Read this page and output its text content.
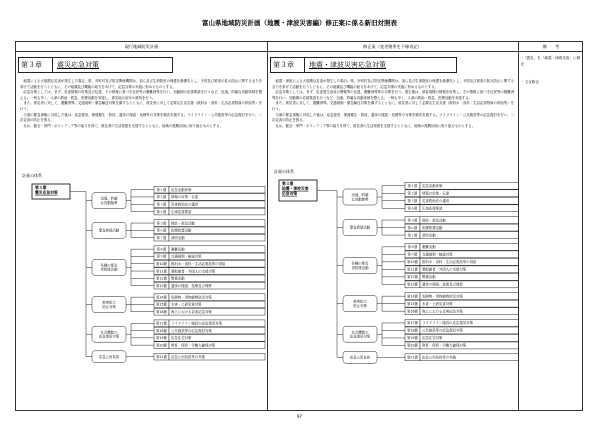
富山県地域防災計画（地震・津波災害編）修正案に係る新旧対照表
現行地域防災計画	修正案（変更箇所を下線表記）	備　　考
第３章 震災応急対策
　地震による大規模な災害が発生した場合、県、市町村及び防災関係機関は、須ら及び生命財産の保護を最優先とし、予防及び被害の拡大防止に関する全力を挙げて活動を行うとともに、その組織及び機能の総力をあげて、応急対策の実施に努めるものとする。
　応急対策としては、まず、災害情報の収集及び伝達、その情報に基づき住民等の避難誘導を行い、初動期の応援要請を行うなど、迅速、的確な初動体制を整える。一刻も早く、人命の救助・救急、医療活動を実施し、被災地の治安の維持を行う。
　また、被災者に対して、避難誘導、交通規制・緊急輸送対策を講ずるとともに、被災者に対して必要な生活支援（飲料水・食料・生活必需物資の供給等）を行う。
　当面の緊急事態に対処した後は、応急復旧、保健衛生・防疫、遺体の捜索・処理等の対策を順次実施する。ライフライン・公共施設等の応急復旧を行い、二次災害の防止を図る。
　なお、健全・専門・ボランティア等の協力を得て、被災者の生活再建を支援するとともに、地域の復興計画に取り組むものとする。
計画の体系
迅速、的確
な初動態勢
第１節 応急活動体制
第２節 情報の収集・伝達
第３節 災害救助法の適用
第４節 広域応援要請
緊急救援活動
第５節 救助・救急活動
第６節 医療救護活動
第７節 消防活動
各種の要災
者救援活動
第８節 避難活動
第９節 交通規制・輸送対策
第10節 飲料水・食料・生活必需品等の供給
第11節 要配慮者・外国人の支援対策
第12節 警備活動
第13節 遺体の捜索、処理及び埋葬
被害拡大
防止対策
第14節 危険物・毒物劇物防災対策
第15節 水害・土砂災害対策
第16節 海上における災害応急対策
社会機能の
応急復旧対策
第17節 ライフライン施設の応急復旧対策
第18節 公共施設等の応急復旧対策
第19節 応急住宅対策
第20節 教育・保育・労働力確保対策
応急公用負担	第21節 応急公用負担等の実施
第３章
震災応急対策
第３章 地震・津波災害応急対策
　地震・津波による大規模な災害が発生した場合、県、市町村及び防災関係機関は、須ら及び生命財産の保護を最優先とし、予防及び被害の拡大防止に関する全力を挙げて活動を行うとともに、その組織及び機能の総力をあげて、応急対策の実施に努めるものとする。
　応急対策としては、まず、災害発生直前の警報等の伝達、避難誘導等の対策を行う。発生後は、被害規模の情報を収集し、その情報に基づき住民等の避難誘導を行い、初動期の応援要請を行うなど、迅速、的確な初動体制を整える。一刻も早く、人命の救助・救急、医療活動を実施する。
　また、被災者に対して、避難誘導、交通規制・緊急輸送対策を講ずるとともに、被災者に対して必要な生活支援（飲料水・食料・生活必需物資の供給等）を行う。
　当面の緊急事態に対処した後は、応急復旧、保健衛生・防疫、遺体の捜索・処理等の対策を順次実施する。ライフライン・公共施設等の応急復旧を行い、二次災害の防止を図る。
　なお、健全・専門・ボランティア等の協力を得て、被災者の生活再建を支援するとともに、地域の復興計画に取り組むものとする。
計画の体系
迅速、的確
な初動態勢
第１節 応急活動体制
第２節 情報の収集・伝達
第３節 災害救助法の適用
第４節 広域応援要請
緊急救援活動
第５節 救助・救急活動
第６節 医療救護活動
第７節 消防活動
各種の要災
者救援活動
第８節 避難活動
第９節 交通規制・輸送対策
第10節 飲料水・食料・生活必需品等の供給
第11節 要配慮者・外国人の支援対策
第12節 警備活動
第13節 遺体の捜索、処理及び埋葬
被害拡大
防止対策
第14節 危険物・毒物劇物防災対策
第15節 水害・土砂災害対策
第16節 海上における災害応急対策
社会機能の
応急復旧対策
第17節 ライフライン施設の応急復旧対策
第18節 公共施設等の応急復旧対策
第19節 応急住宅対策
第20節 教育・保育・労働力確保対策
応急公用負担	第21節 応急公用負担等の実施
第３章
地震・津波災害
応急対策
・「震災」を「地震・津波災害」に修正
・文言修正
97
